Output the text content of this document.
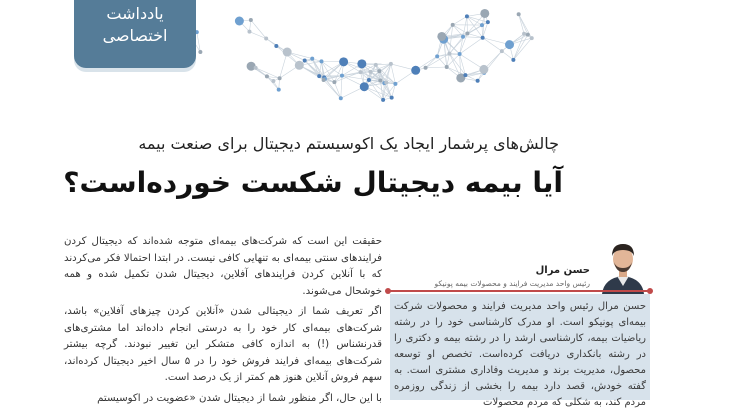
یادداشت
اختصاصی
چالش‌های پرشمار ایجاد یک اکوسیستم دیجیتال برای صنعت بیمه
آیا بیمه دیجیتال شکست خورده‌است؟

حقیقت این است که شرکت‌های بیمه‌ای متوجه شده‌اند که دیجیتال کردن فرایندهای سنتی بیمه‌ای به تنهایی کافی نیست. در ابتدا احتمالا فکر می‌کردند که با آنلاین کردن فرایندهای آفلاین، دیجیتال شدن تکمیل شده و همه خوشحال می‌شوند.

اگر تعریف شما از دیجیتالی شدن «آنلاین کردن چیزهای آفلاین» باشد، شرکت‌های بیمه‌ای کار خود را به درستی انجام داده‌اند اما مشتری‌های قدرنشناس (!) به اندازه کافی متشکر این تغییر نبودند. گرچه بیشتر شرکت‌های بیمه‌ای فرایند فروش خود را در ۵ سال اخیر دیجیتال کرده‌اند، سهم فروش آنلاین هنوز هم کمتر از یک درصد است.

با این حال، اگر منظور شما از دیجیتال شدن «عضویت در اکوسیستم

حسن مرال
رئیس واحد مدیریت فرایند و محصولات بیمه پونیکو
حسن مرال رئیس واحد مدیریت فرایند و محصولات شرکت بیمه‌ای پونیکو است. او مدرک کارشناسی خود را در رشته ریاضیات بیمه، کارشناسی ارشد را در رشته بیمه و دکتری را در رشته بانکداری دریافت کرده‌است. تخصص او توسعه محصول، مدیریت برند و مدیریت وفاداری مشتری است. به گفته خودش، قصد دارد بیمه را بخشی از زندگی روزمره مردم کند، به شکلی که مردم محصولات
